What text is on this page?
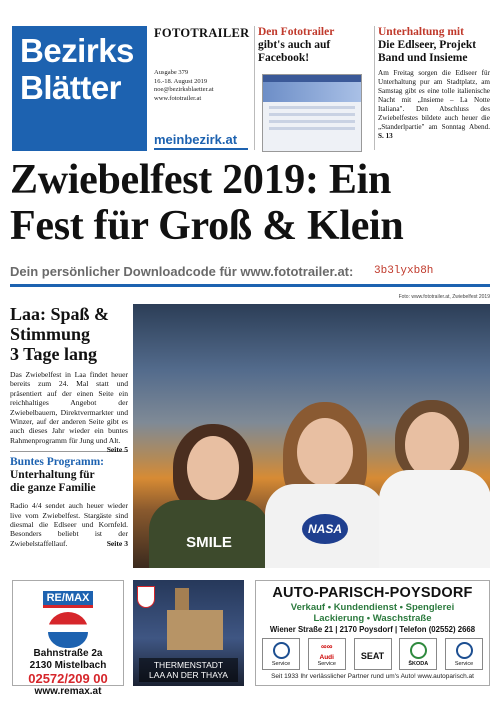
Bezirks
Blätter
FOTOTRAILER
Ausgabe 379
16.-18. August 2019
noe@bezirksblaetter.at
www.fototrailer.at
meinbezirk.at
Den Fototrailer
gibt's auch auf
Facebook!
Unterhaltung mit
Die Edlseer, Projekt
Band und Insieme
Am Freitag sorgen die Edlseer für Unterhaltung pur am Stadtplatz, am Samstag gibt es eine tolle italienische Nacht mit „Insieme – La Notte Italiana". Den Abschluss des Zwiebelfestes bildete auch heuer die „Standerlpartie" am Sonntag Abend. S. 13
Zwiebelfest 2019: Ein
Fest für Groß & Klein
Dein persönlicher Downloadcode für www.fototrailer.at: 3b3lyxb8h
Foto: www.fototrailer.at, Zwiebelfest 2019
Laa: Spaß &
Stimmung
3 Tage lang
Das Zwiebelfest in Laa findet heuer bereits zum 24. Mal statt und präsentiert auf der einen Seite ein reichhaltiges Angebot der Zwiebelbauern, Direktvermarkter und Winzer, auf der anderen Seite gibt es auch dieses Jahr wieder ein buntes Rahmenprogramm für Jung und Alt.
Seite 5
Buntes Programm:
Unterhaltung für
die ganze Familie
Radio 4/4 sendet auch heuer wieder live vom Zwiebelfest. Stargäste sind diesmal die Edlseer und Kornfeld. Besonders beliebt ist der Zwiebelstaffellauf.	Seite 3	SMILE
NASA
RE/MAX
Bahnstraße 2a
2130 Mistelbach
02572/209 00
www.remax.at
THERMENSTADT
LAA AN DER THAYA
AUTO-PARISCH-POYSDORF
Verkauf • Kundendienst • Spenglerei
Lackierung • Waschstraße
Wiener Straße 21 | 2170 Poysdorf | Telefon (02552) 2668
Service
∞∞
Audi
Service
SEAT
ŠKODA	Service
Seit 1933 Ihr verlässlicher Partner rund um's Auto! www.autoparisch.at
